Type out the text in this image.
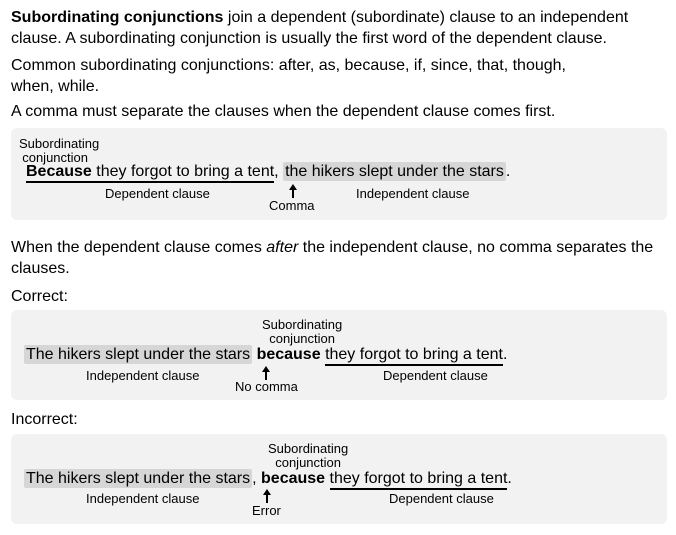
Subordinating conjunctions join a dependent (subordinate) clause to an independent clause. A subordinating conjunction is usually the first word of the dependent clause.

Common subordinating conjunctions: after, as, because, if, since, that, though, when, while.

A comma must separate the clauses when the dependent clause comes first.

Subordinating
conjunction
Because they forgot to bring a tent, the hikers slept under the stars .
Dependent clause
Comma
Independent clause

When the dependent clause comes after the independent clause, no comma separates the clauses.

Correct:

Subordinating
conjunction
The hikers slept under the stars because they forgot to bring a tent.
Independent clause
No comma
Dependent clause

Incorrect:

Subordinating
conjunction
The hikers slept under the stars , because they forgot to bring a tent.
Independent clause
Error
Dependent clause
